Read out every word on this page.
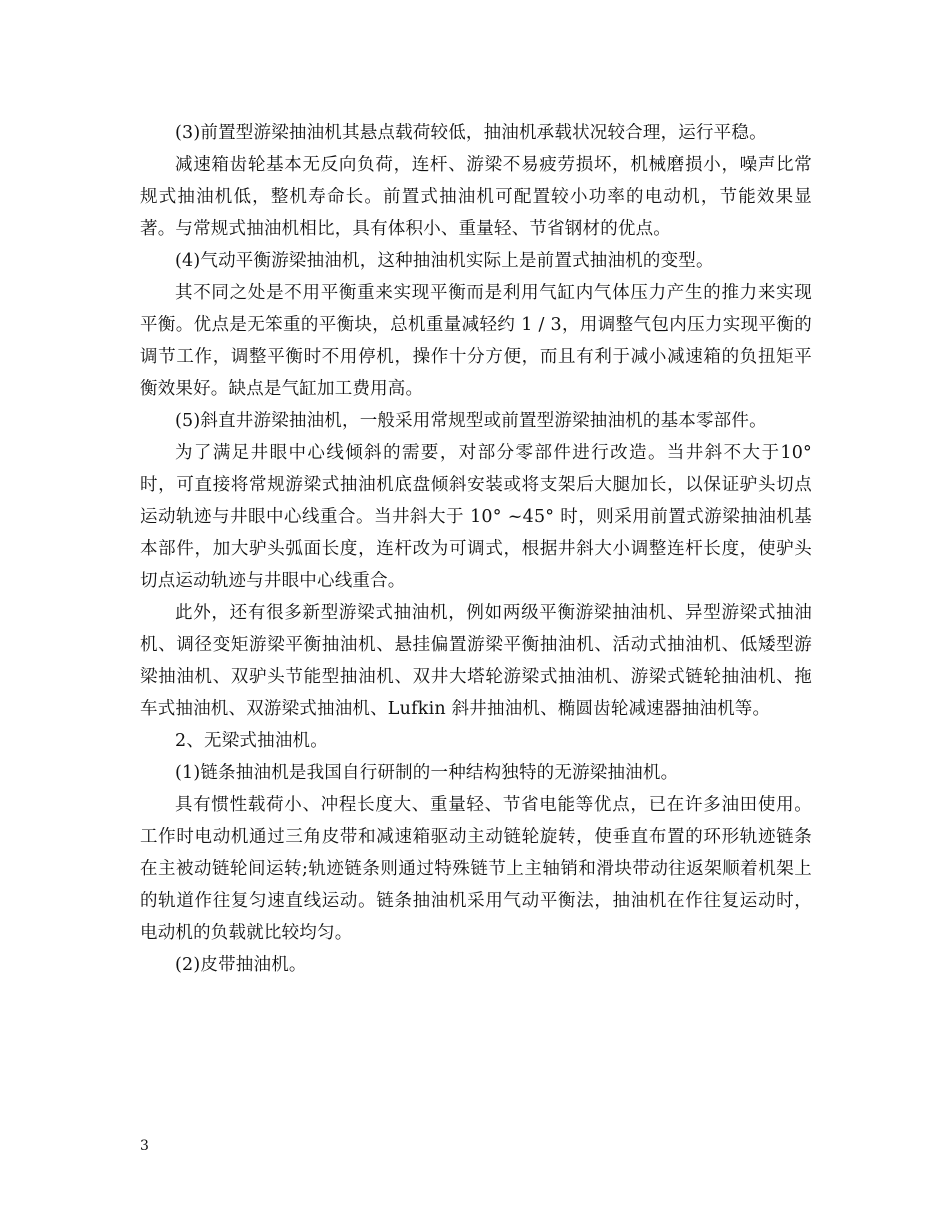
(3)前置型游梁抽油机其悬点载荷较低，抽油机承载状况较合理，运行平稳。

减速箱齿轮基本无反向负荷，连杆、游梁不易疲劳损坏，机械磨损小，噪声比常规式抽油机低，整机寿命长。前置式抽油机可配置较小功率的电动机，节能效果显著。与常规式抽油机相比，具有体积小、重量轻、节省钢材的优点。

(4)气动平衡游梁抽油机，这种抽油机实际上是前置式抽油机的变型。

其不同之处是不用平衡重来实现平衡而是利用气缸内气体压力产生的推力来实现平衡。优点是无笨重的平衡块，总机重量减轻约 1 / 3，用调整气包内压力实现平衡的调节工作，调整平衡时不用停机，操作十分方便，而且有利于减小减速箱的负扭矩平衡效果好。缺点是气缸加工费用高。

(5)斜直井游梁抽油机，一般采用常规型或前置型游梁抽油机的基本零部件。

为了满足井眼中心线倾斜的需要，对部分零部件进行改造。当井斜不大于10° 时，可直接将常规游梁式抽油机底盘倾斜安装或将支架后大腿加长，以保证驴头切点运动轨迹与井眼中心线重合。当井斜大于 10° ~45° 时，则采用前置式游梁抽油机基本部件，加大驴头弧面长度，连杆改为可调式，根据井斜大小调整连杆长度，使驴头切点运动轨迹与井眼中心线重合。

此外，还有很多新型游梁式抽油机，例如两级平衡游梁抽油机、异型游梁式抽油机、调径变矩游梁平衡抽油机、悬挂偏置游梁平衡抽油机、活动式抽油机、低矮型游梁抽油机、双驴头节能型抽油机、双井大塔轮游梁式抽油机、游梁式链轮抽油机、拖车式抽油机、双游梁式抽油机、Lufkin 斜井抽油机、椭圆齿轮减速器抽油机等。

2、无梁式抽油机。

(1)链条抽油机是我国自行研制的一种结构独特的无游梁抽油机。

具有惯性载荷小、冲程长度大、重量轻、节省电能等优点，已在许多油田使用。工作时电动机通过三角皮带和减速箱驱动主动链轮旋转，使垂直布置的环形轨迹链条在主被动链轮间运转;轨迹链条则通过特殊链节上主轴销和滑块带动往返架顺着机架上的轨道作往复匀速直线运动。链条抽油机采用气动平衡法，抽油机在作往复运动时，电动机的负载就比较均匀。

(2)皮带抽油机。

3
